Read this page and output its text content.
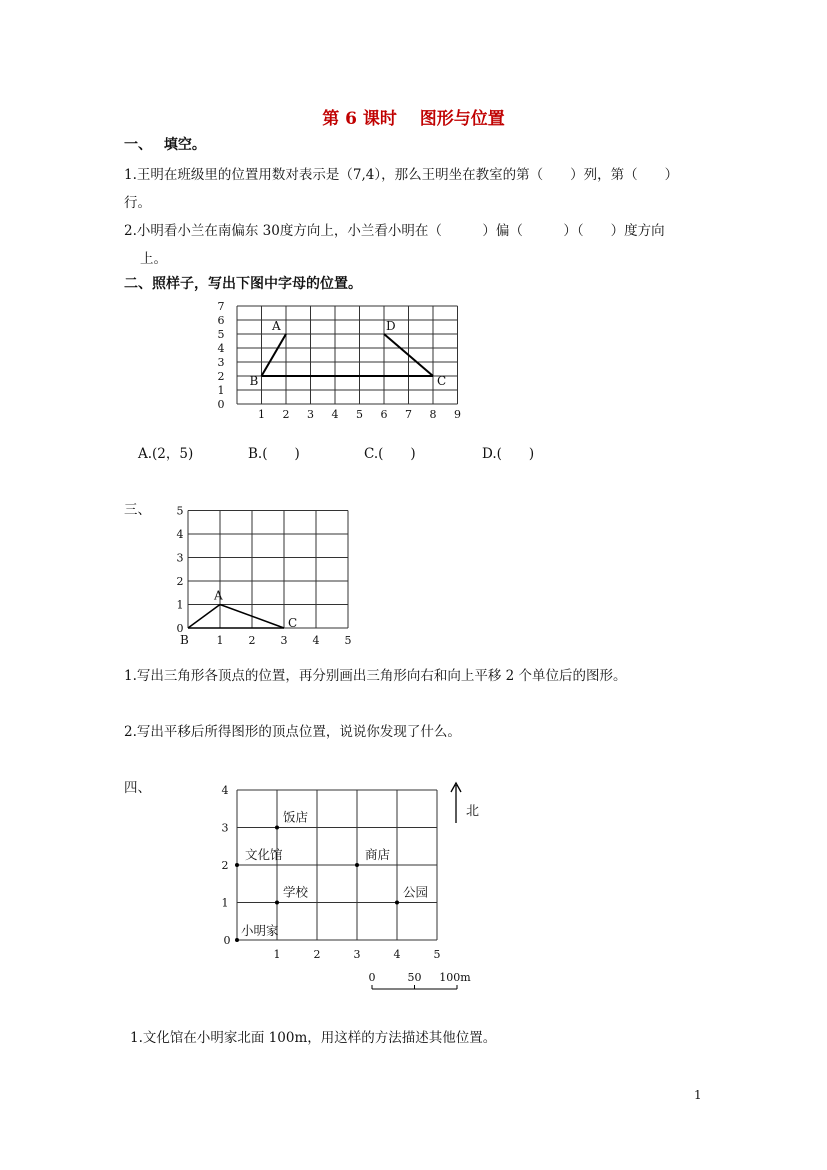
第 6 课时　 图形与位置
一、　 填空。
1.王明在班级里的位置用数对表示是（7,4），那么王明坐在教室的第（　　）列，第（　　）
行。
2.小明看小兰在南偏东 30度方向上，小兰看小明在（　　　）偏（　　　）（　　）度方向
上。
二、照样子，写出下图中字母的位置。
1 2 3 4 5 6 7 8 9
0
1
2
3
4
5
6
7
A
B	C
D
A.(2，5)	B.(　　)	C.(　　)	D.(　　)
三、
0
1 2 3 4 5
1
2
3
4
5
A
B
C
1.写出三角形各顶点的位置，再分别画出三角形向右和向上平移 2 个单位后的图形。
2.写出平移后所得图形的顶点位置，说说你发现了什么。
四、
0
1	2	3	4	5
1
2
3
4
小明家
饭店
文化馆	商店
学校	公园
北
0	50 100m
1.文化馆在小明家北面 100m，用这样的方法描述其他位置。
1
